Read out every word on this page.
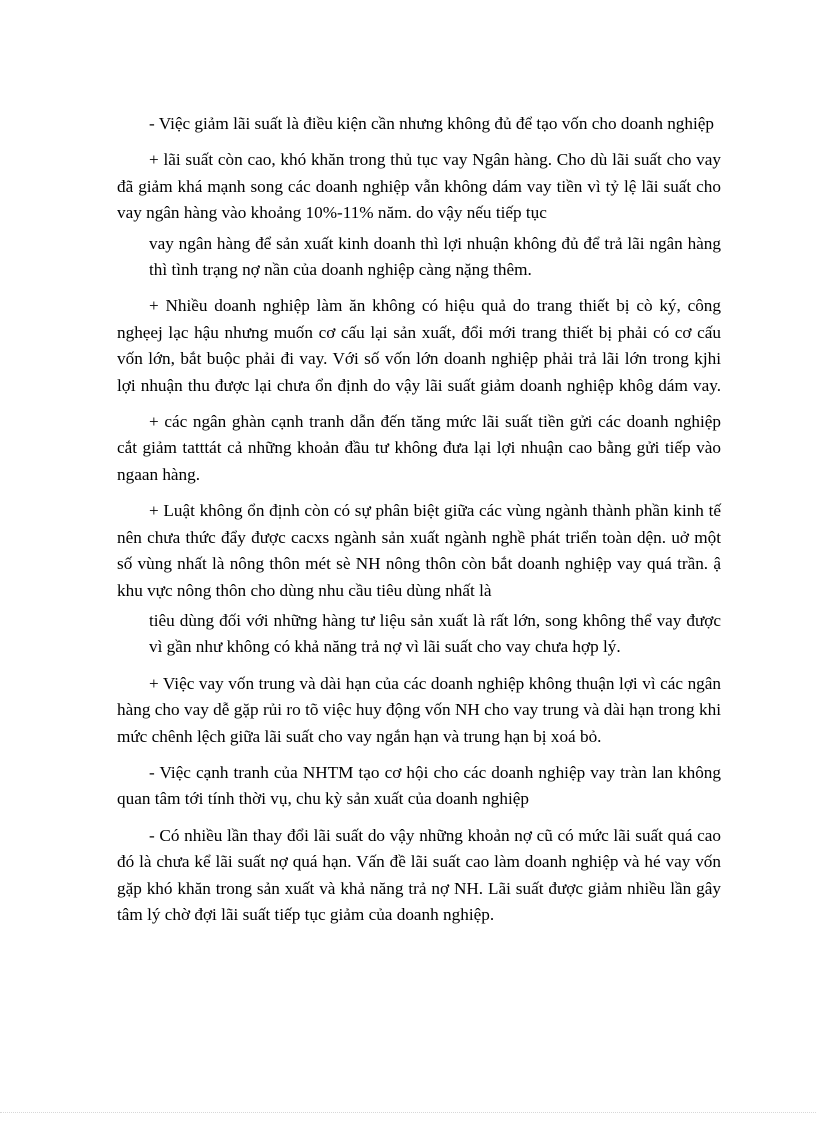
- Việc giảm lãi suất là điều kiện cần nhưng không đủ để tạo vốn cho doanh nghiệp

+ lãi suất còn cao, khó khăn trong thủ tục vay Ngân hàng. Cho dù lãi suất cho vay đã giảm khá mạnh song các doanh nghiệp vẫn không dám vay tiền vì tỷ lệ lãi suất cho vay ngân hàng vào khoảng 10%-11% năm. do vậy nếu tiếp tục

vay ngân hàng để sản xuất kinh doanh thì lợi nhuận không đủ để trả lãi ngân hàng thì tình trạng nợ nần của doanh nghiệp càng nặng thêm.

+ Nhiều doanh nghiệp làm ăn không có hiệu quả do trang thiết bị cò ký, công nghẹej lạc hậu nhưng muốn cơ cấu lại sản xuất, đổi mới trang thiết bị phải có cơ cấu vốn lớn, bắt buộc phải đi vay. Với số vốn lớn doanh nghiệp phải trả lãi lớn trong kjhi lợi nhuận thu được lại chưa ổn định do vậy lãi suất giảm doanh nghiệp khôg dám vay.

+ các ngân ghàn cạnh tranh dẫn đến tăng mức lãi suất tiền gửi các doanh nghiệp cắt giảm tatttát cả những khoản đầu tư không đưa lại lợi nhuận cao bằng gửi tiếp vào ngaan hàng.

+ Luật không ổn định còn có sự phân biệt giữa các vùng ngành thành phần kinh tế nên chưa thức đẩy được cacxs ngành sản xuất ngành nghề phát triển toàn dện. uở một số vùng nhất là nông thôn mét sè NH nông thôn còn bắt doanh nghiệp vay quá trần. ậ khu vực nông thôn cho dùng nhu cầu tiêu dùng nhất là

tiêu dùng đối với những hàng tư liệu sản xuất là rất lớn, song không thể vay được vì gần như không có khả năng trả nợ vì lãi suất cho vay chưa hợp lý.

+ Việc vay vốn trung và dài hạn của các doanh nghiệp không thuận lợi vì các ngân hàng cho vay dễ gặp rủi ro tõ việc huy động vốn NH cho vay trung và dài hạn trong khi mức chênh lệch giữa lãi suất cho vay ngắn hạn và trung hạn bị xoá bỏ.

- Việc cạnh tranh của NHTM tạo cơ hội cho các doanh nghiệp vay tràn lan không quan tâm tới tính thời vụ, chu kỳ sản xuất của doanh nghiệp

- Có nhiều lần thay đổi lãi suất do vậy những khoản nợ cũ có mức lãi suất quá cao đó là chưa kể lãi suất nợ quá hạn. Vấn đề lãi suất cao làm doanh nghiệp và hé vay vốn gặp khó khăn trong sản xuất và khả năng trả nợ NH. Lãi suất được giảm nhiều lần gây tâm lý chờ đợi lãi suất tiếp tục giảm của doanh nghiệp.
